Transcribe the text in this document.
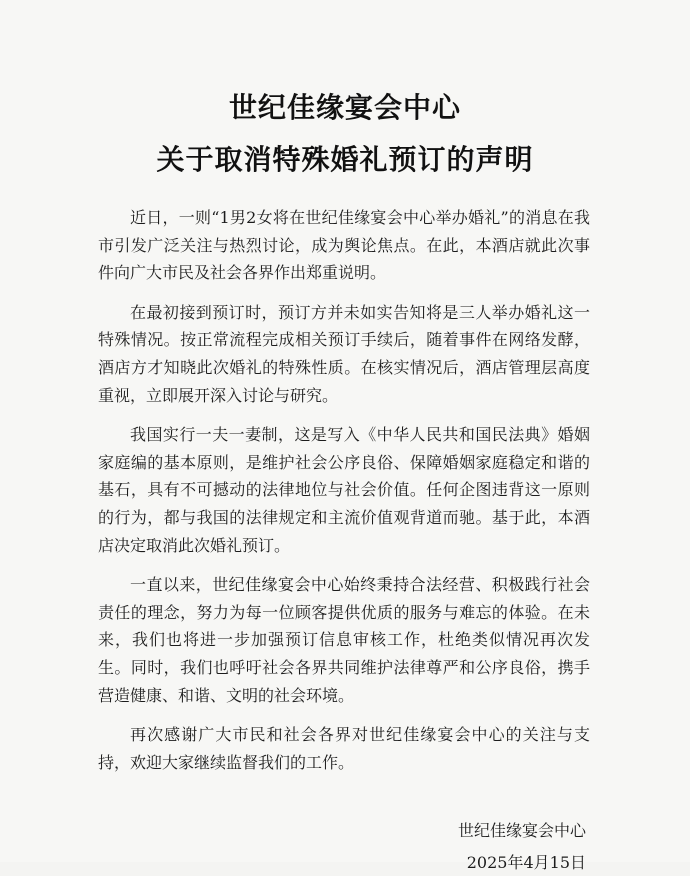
世纪佳缘宴会中心
关于取消特殊婚礼预订的声明

近日，一则“1男2女将在世纪佳缘宴会中心举办婚礼”的消息在我市引发广泛关注与热烈讨论，成为舆论焦点。在此，本酒店就此次事件向广大市民及社会各界作出郑重说明。

在最初接到预订时，预订方并未如实告知将是三人举办婚礼这一特殊情况。按正常流程完成相关预订手续后，随着事件在网络发酵，酒店方才知晓此次婚礼的特殊性质。在核实情况后，酒店管理层高度重视，立即展开深入讨论与研究。

我国实行一夫一妻制，这是写入《中华人民共和国民法典》婚姻家庭编的基本原则，是维护社会公序良俗、保障婚姻家庭稳定和谐的基石，具有不可撼动的法律地位与社会价值。任何企图违背这一原则的行为，都与我国的法律规定和主流价值观背道而驰。基于此，本酒店决定取消此次婚礼预订。

一直以来，世纪佳缘宴会中心始终秉持合法经营、积极践行社会责任的理念，努力为每一位顾客提供优质的服务与难忘的体验。在未来，我们也将进一步加强预订信息审核工作，杜绝类似情况再次发生。同时，我们也呼吁社会各界共同维护法律尊严和公序良俗，携手营造健康、和谐、文明的社会环境。

再次感谢广大市民和社会各界对世纪佳缘宴会中心的关注与支持，欢迎大家继续监督我们的工作。

世纪佳缘宴会中心
2025年4月15日
